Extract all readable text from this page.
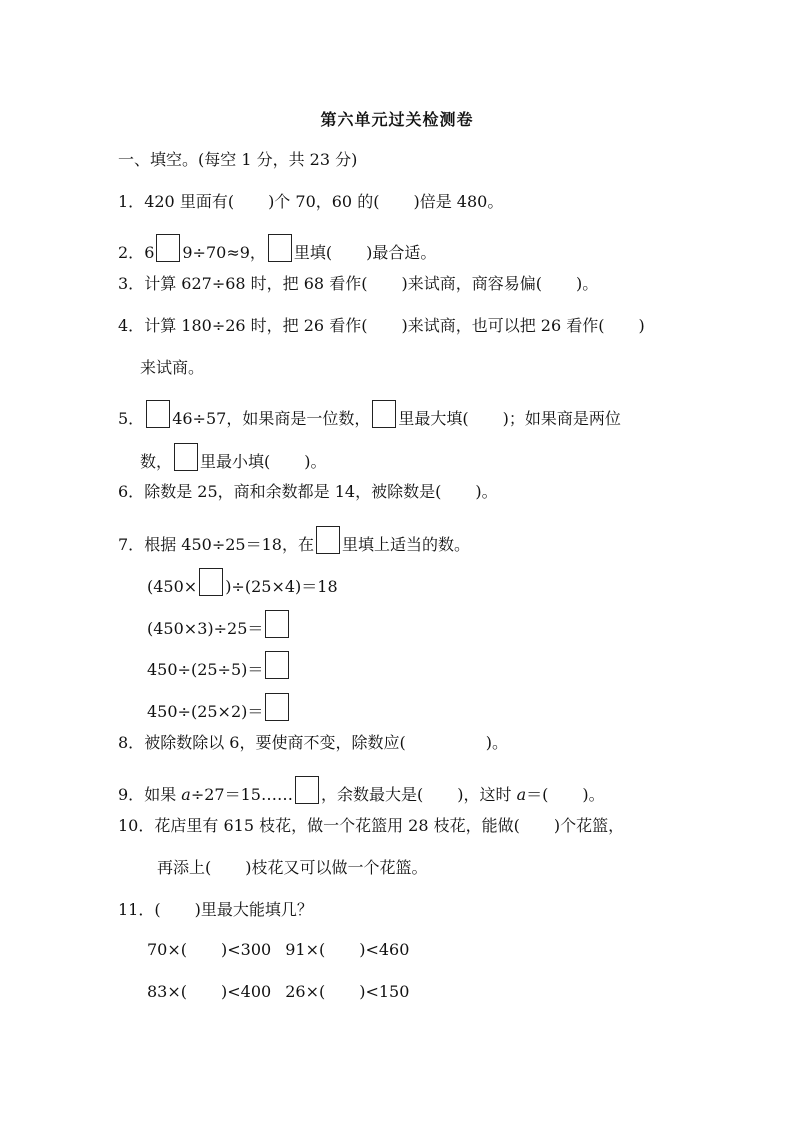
第六单元过关检测卷
一、填空。(每空 1 分，共 23 分)
1．420 里面有( )个 70，60 的( )倍是 480。
2．6 9÷70≈9， 里填( )最合适。
3．计算 627÷68 时，把 68 看作( )来试商，商容易偏( )。
4．计算 180÷26 时，把 26 看作( )来试商，也可以把 26 看作( )
来试商。
5． 46÷57，如果商是一位数， 里最大填( )；如果商是两位
数， 里最小填( )。
6．除数是 25，商和余数都是 14，被除数是( )。
7．根据 450÷25＝18，在 里填上适当的数。
(450× )÷(25×4)＝18
(450×3)÷25＝
450÷(25÷5)＝
450÷(25×2)＝
8．被除数除以 6，要使商不变，除数应(	)。
9．如果 a÷27＝15…… ，余数最大是( )，这时 a＝( )。
10．花店里有 615 枝花，做一个花篮用 28 枝花，能做( )个花篮，
再添上( )枝花又可以做一个花篮。
11．( )里最大能填几？
70×( )<300 91×( )<460
83×( )<400 26×( )<150
